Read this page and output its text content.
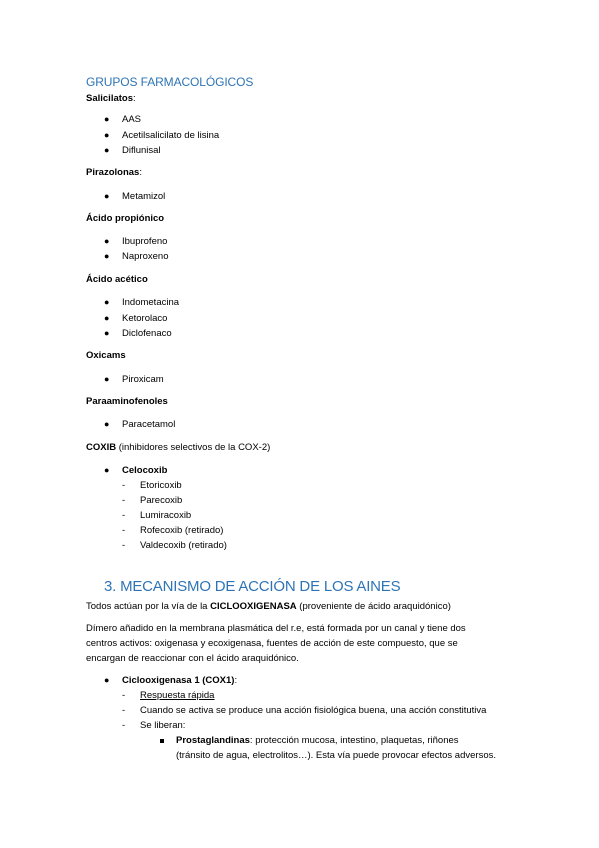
GRUPOS FARMACOLÓGICOS
Salicilatos:
● AAS
● Acetilsalicilato de lisina
● Diflunisal
Pirazolonas:
● Metamizol
Ácido propiónico
● Ibuprofeno
● Naproxeno
Ácido acético
● Indometacina
● Ketorolaco
● Diclofenaco
Oxicams
● Piroxicam
Paraaminofenoles
● Paracetamol
COXIB (inhibidores selectivos de la COX-2)
● Celocoxib
- Etoricoxib
- Parecoxib
- Lumiracoxib
- Rofecoxib (retirado)
- Valdecoxib (retirado)
3. MECANISMO DE ACCIÓN DE LOS AINES
Todos actúan por la vía de la CICLOOXIGENASA (proveniente de ácido araquidónico)
Dímero añadido en la membrana plasmática del r.e, está formada por un canal y tiene dos
centros activos: oxigenasa y ecoxigenasa, fuentes de acción de este compuesto, que se
encargan de reaccionar con el ácido araquidónico.
● Ciclooxigenasa 1 (COX1):
- Respuesta rápida
- Cuando se activa se produce una acción fisiológica buena, una acción constitutiva
- Se liberan:
Prostaglandinas: protección mucosa, intestino, plaquetas, riñones
(tránsito de agua, electrolitos…). Esta vía puede provocar efectos adversos.
